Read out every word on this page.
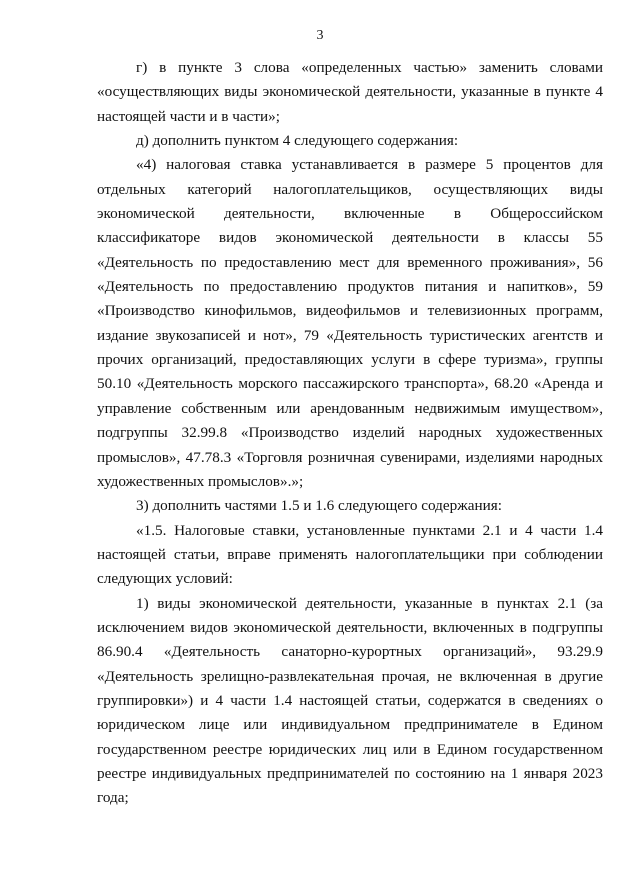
3

г) в пункте 3 слова «определенных частью» заменить словами «осуществляющих виды экономической деятельности, указанные в пункте 4 настоящей части и в части»;

д) дополнить пунктом 4 следующего содержания:

«4) налоговая ставка устанавливается в размере 5 процентов для отдельных категорий налогоплательщиков, осуществляющих виды экономической деятельности, включенные в Общероссийском классификаторе видов экономической деятельности в классы 55 «Деятельность по предоставлению мест для временного проживания», 56 «Деятельность по предоставлению продуктов питания и напитков», 59 «Производство кинофильмов, видеофильмов и телевизионных программ, издание звукозаписей и нот», 79 «Деятельность туристических агентств и прочих организаций, предоставляющих услуги в сфере туризма», группы 50.10 «Деятельность морского пассажирского транспорта», 68.20 «Аренда и управление собственным или арендованным недвижимым имуществом», подгруппы 32.99.8 «Производство изделий народных художественных промыслов», 47.78.3 «Торговля розничная сувенирами, изделиями народных художественных промыслов».»;

3) дополнить частями 1.5 и 1.6 следующего содержания:

«1.5. Налоговые ставки, установленные пунктами 2.1 и 4 части 1.4 настоящей статьи, вправе применять налогоплательщики при соблюдении следующих условий:

1) виды экономической деятельности, указанные в пунктах 2.1 (за исключением видов экономической деятельности, включенных в подгруппы 86.90.4 «Деятельность санаторно-курортных организаций», 93.29.9 «Деятельность зрелищно-развлекательная прочая, не включенная в другие группировки») и 4 части 1.4 настоящей статьи, содержатся в сведениях о юридическом лице или индивидуальном предпринимателе в Едином государственном реестре юридических лиц или в Едином государственном реестре индивидуальных предпринимателей по состоянию на 1 января 2023 года;
